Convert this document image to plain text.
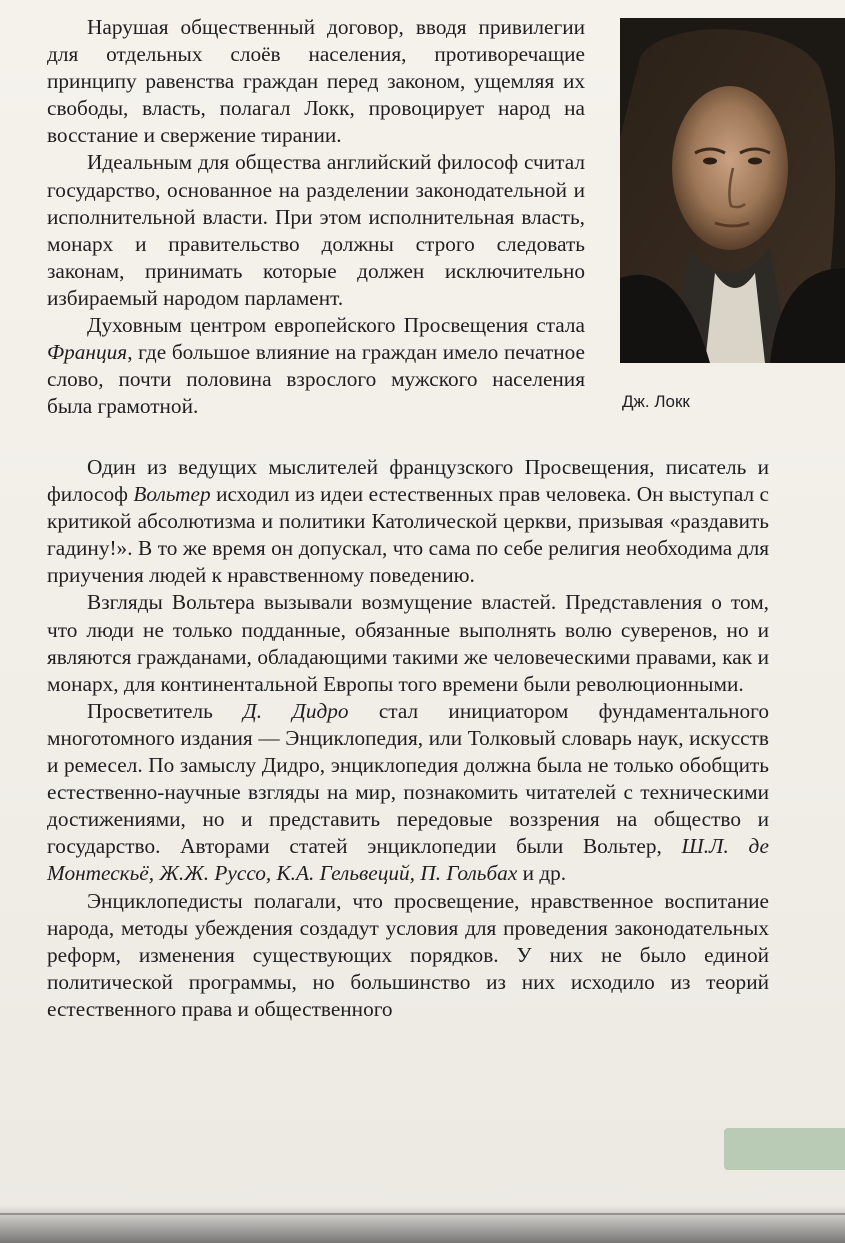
Дж. Локк

Нарушая общественный договор, вводя привилегии для отдельных слоёв населения, противоречащие принципу равенства граждан перед законом, ущемляя их свободы, власть, полагал Локк, провоцирует народ на восстание и свержение тирании.

Идеальным для общества английский философ считал государство, основанное на разделении законодательной и исполнительной власти. При этом исполнительная власть, монарх и правительство должны строго следовать законам, принимать которые должен исключительно избираемый народом парламент.

Духовным центром европейского Просвещения стала Франция, где большое влияние на граждан имело печатное слово, почти половина взрослого мужского населения была грамотной.

Один из ведущих мыслителей французского Просвещения, писатель и философ Вольтер исходил из идеи естественных прав человека. Он выступал с критикой абсолютизма и политики Католической церкви, призывая «раздавить гадину!». В то же время он допускал, что сама по себе религия необходима для приучения людей к нравственному поведению.

Взгляды Вольтера вызывали возмущение властей. Представления о том, что люди не только подданные, обязанные выполнять волю суверенов, но и являются гражданами, обладающими такими же человеческими правами, как и монарх, для континентальной Европы того времени были революционными.

Просветитель Д. Дидро стал инициатором фундаментального многотомного издания — Энциклопедия, или Толковый словарь наук, искусств и ремесел. По замыслу Дидро, энциклопедия должна была не только обобщить естественно-научные взгляды на мир, познакомить читателей с техническими достижениями, но и представить передовые воззрения на общество и государство. Авторами статей энциклопедии были Вольтер, Ш.Л. де Монтескьё, Ж.Ж. Руссо, К.А. Гельвеций, П. Гольбах и др.

Энциклопедисты полагали, что просвещение, нравственное воспитание народа, методы убеждения создадут условия для проведения законодательных реформ, изменения существующих порядков. У них не было единой политической программы, но большинство из них исходило из теорий естественного права и общественного
